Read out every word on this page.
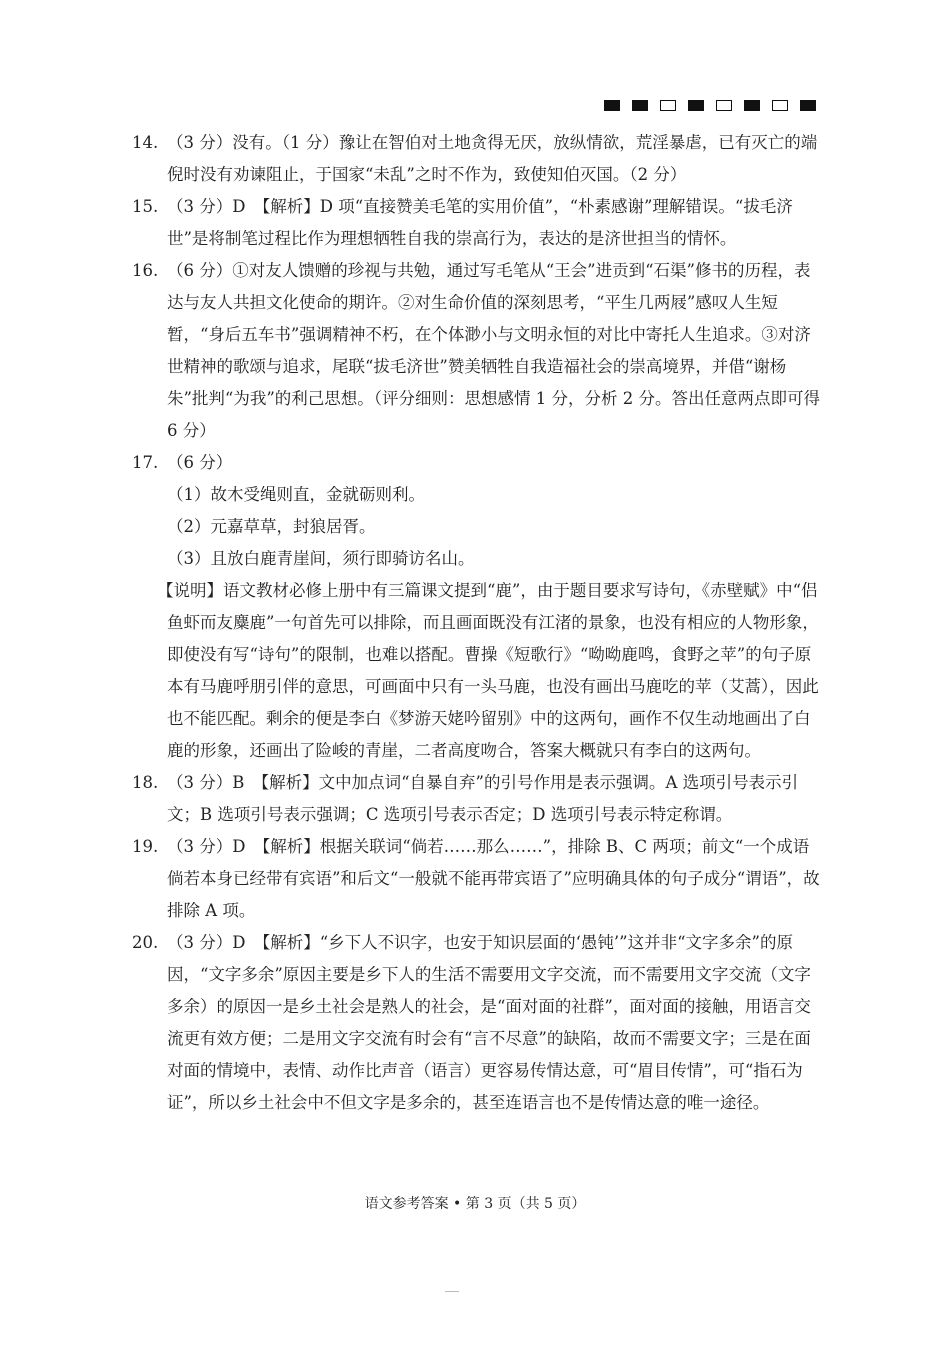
14. （3 分）没有。（1 分）豫让在智伯对土地贪得无厌，放纵情欲，荒淫暴虐，已有灭亡的端倪时没有劝谏阻止，于国家“未乱”之时不作为，致使知伯灭国。（2 分）
15. （3 分）D　【解析】D 项“直接赞美毛笔的实用价值”，“朴素感谢”理解错误。“拔毛济世”是将制笔过程比作为理想牺牲自我的崇高行为，表达的是济世担当的情怀。
16. （6 分）①对友人馈赠的珍视与共勉，通过写毛笔从“王会”进贡到“石渠”修书的历程，表达与友人共担文化使命的期许。②对生命价值的深刻思考，“平生几两屐”感叹人生短暂，“身后五车书”强调精神不朽，在个体渺小与文明永恒的对比中寄托人生追求。③对济世精神的歌颂与追求，尾联“拔毛济世”赞美牺牲自我造福社会的崇高境界，并借“谢杨朱”批判“为我”的利己思想。（评分细则：思想感情 1 分，分析 2 分。答出任意两点即可得 6 分）
17. （6 分）
（1）故木受绳则直，金就砺则利。
（2）元嘉草草，封狼居胥。
（3）且放白鹿青崖间，须行即骑访名山。
【说明】语文教材必修上册中有三篇课文提到“鹿”，由于题目要求写诗句，《赤壁赋》中“侣鱼虾而友麋鹿”一句首先可以排除，而且画面既没有江渚的景象，也没有相应的人物形象，即使没有写“诗句”的限制，也难以搭配。曹操《短歌行》“呦呦鹿鸣，食野之苹”的句子原本有马鹿呼朋引伴的意思，可画面中只有一头马鹿，也没有画出马鹿吃的苹（艾蒿），因此也不能匹配。剩余的便是李白《梦游天姥吟留别》中的这两句，画作不仅生动地画出了白鹿的形象，还画出了险峻的青崖，二者高度吻合，答案大概就只有李白的这两句。
18. （3 分）B　【解析】文中加点词“自暴自弃”的引号作用是表示强调。A 选项引号表示引文；B 选项引号表示强调；C 选项引号表示否定；D 选项引号表示特定称谓。
19. （3 分）D　【解析】根据关联词“倘若……那么……”，排除 B、C 两项；前文“一个成语倘若本身已经带有宾语”和后文“一般就不能再带宾语了”应明确具体的句子成分“谓语”，故排除 A 项。
20. （3 分）D　【解析】“乡下人不识字，也安于知识层面的‘愚钝’”这并非“文字多余”的原因，“文字多余”原因主要是乡下人的生活不需要用文字交流，而不需要用文字交流（文字多余）的原因一是乡土社会是熟人的社会，是“面对面的社群”，面对面的接触，用语言交流更有效方便；二是用文字交流有时会有“言不尽意”的缺陷，故而不需要文字；三是在面对面的情境中，表情、动作比声音（语言）更容易传情达意，可“眉目传情”，可“指石为证”，所以乡土社会中不但文字是多余的，甚至连语言也不是传情达意的唯一途径。
语文参考答案 • 第 3 页（共 5 页）
